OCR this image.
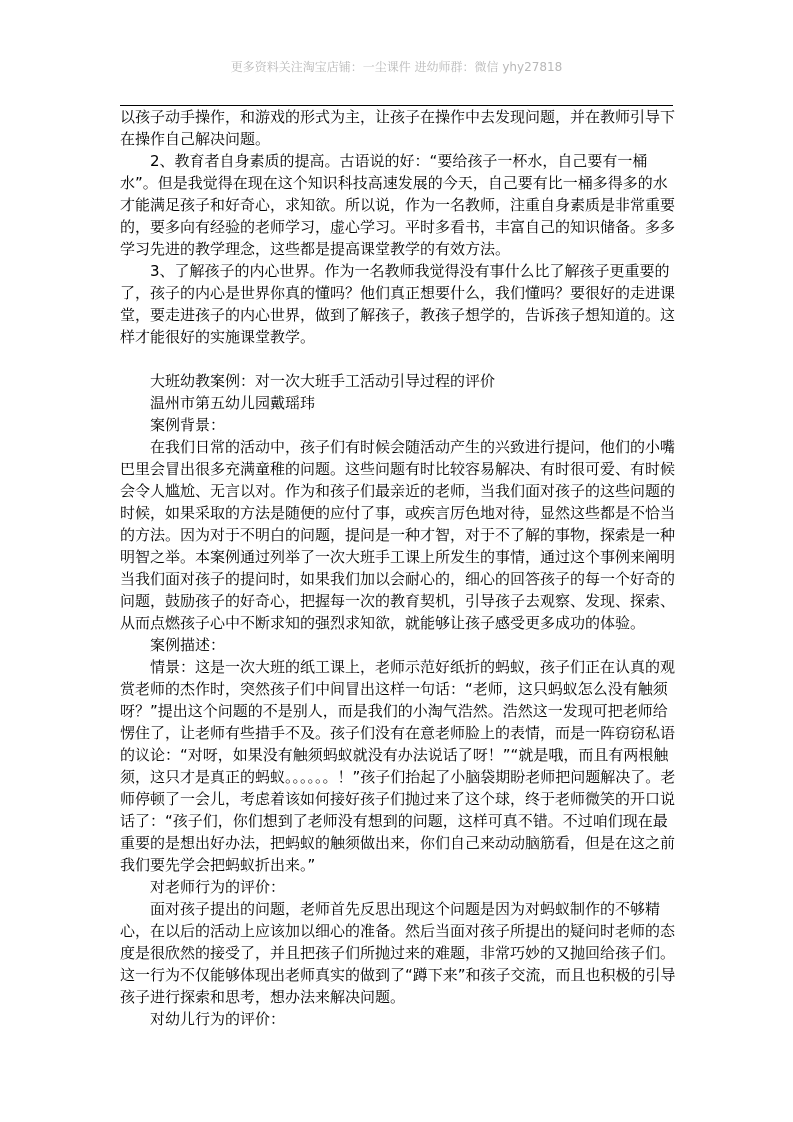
更多资料关注淘宝店铺：一尘课件 进幼师群：微信 yhy27818

以孩子动手操作，和游戏的形式为主，让孩子在操作中去发现问题，并在教师引导下在操作自己解决问题。

2、教育者自身素质的提高。古语说的好：“要给孩子一杯水，自己要有一桶水”。但是我觉得在现在这个知识科技高速发展的今天，自己要有比一桶多得多的水才能满足孩子和好奇心，求知欲。所以说，作为一名教师，注重自身素质是非常重要的，要多向有经验的老师学习，虚心学习。平时多看书，丰富自己的知识储备。多多学习先进的教学理念，这些都是提高课堂教学的有效方法。

3、了解孩子的内心世界。作为一名教师我觉得没有事什么比了解孩子更重要的了，孩子的内心是世界你真的懂吗？他们真正想要什么，我们懂吗？要很好的走进课堂，要走进孩子的内心世界，做到了解孩子，教孩子想学的，告诉孩子想知道的。这样才能很好的实施课堂教学。

大班幼教案例：对一次大班手工活动引导过程的评价

温州市第五幼儿园戴瑶玮

案例背景：

在我们日常的活动中，孩子们有时候会随活动产生的兴致进行提问，他们的小嘴巴里会冒出很多充满童稚的问题。这些问题有时比较容易解决、有时很可爱、有时候会令人尴尬、无言以对。作为和孩子们最亲近的老师，当我们面对孩子的这些问题的时候，如果采取的方法是随便的应付了事，或疾言厉色地对待，显然这些都是不恰当的方法。因为对于不明白的问题，提问是一种才智，对于不了解的事物，探索是一种明智之举。本案例通过列举了一次大班手工课上所发生的事情，通过这个事例来阐明当我们面对孩子的提问时，如果我们加以会耐心的，细心的回答孩子的每一个好奇的问题，鼓励孩子的好奇心，把握每一次的教育契机，引导孩子去观察、发现、探索、从而点燃孩子心中不断求知的强烈求知欲，就能够让孩子感受更多成功的体验。

案例描述：

情景：这是一次大班的纸工课上，老师示范好纸折的蚂蚁，孩子们正在认真的观赏老师的杰作时，突然孩子们中间冒出这样一句话：“老师，这只蚂蚁怎么没有触须呀？”提出这个问题的不是别人，而是我们的小淘气浩然。浩然这一发现可把老师给愣住了，让老师有些措手不及。孩子们没有在意老师脸上的表情，而是一阵窃窃私语的议论：“对呀，如果没有触须蚂蚁就没有办法说话了呀！”“就是哦，而且有两根触须，这只才是真正的蚂蚁。。。。。。！”孩子们抬起了小脑袋期盼老师把问题解决了。老师停顿了一会儿，考虑着该如何接好孩子们抛过来了这个球，终于老师微笑的开口说话了：“孩子们，你们想到了老师没有想到的问题，这样可真不错。不过咱们现在最重要的是想出好办法，把蚂蚁的触须做出来，你们自己来动动脑筋看，但是在这之前我们要先学会把蚂蚁折出来。”

对老师行为的评价：

面对孩子提出的问题，老师首先反思出现这个问题是因为对蚂蚁制作的不够精心，在以后的活动上应该加以细心的准备。然后当面对孩子所提出的疑问时老师的态度是很欣然的接受了，并且把孩子们所抛过来的难题，非常巧妙的又抛回给孩子们。这一行为不仅能够体现出老师真实的做到了“蹲下来”和孩子交流，而且也积极的引导孩子进行探索和思考，想办法来解决问题。

对幼儿行为的评价：
